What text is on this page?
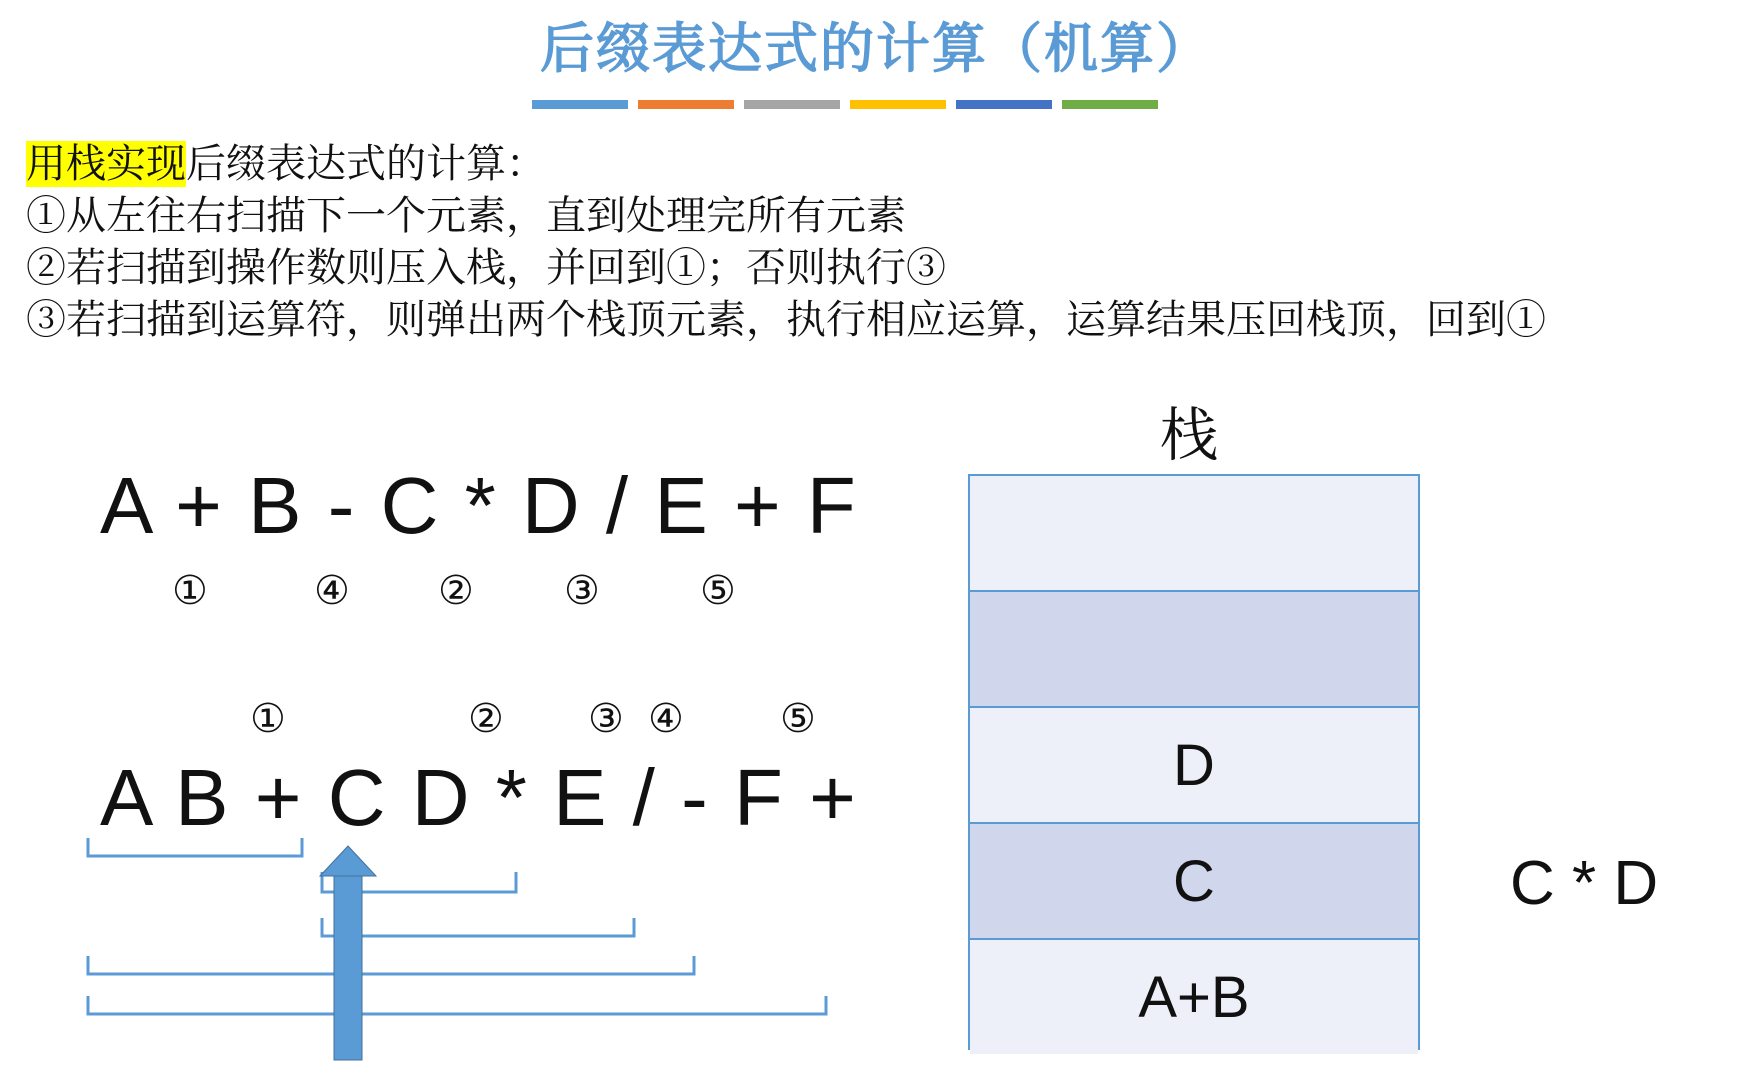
后缀表达式的计算（机算）
用栈实现后缀表达式的计算：
①从左往右扫描下一个元素，直到处理完所有元素
②若扫描到操作数则压入栈，并回到①；否则执行③
③若扫描到运算符，则弹出两个栈顶元素，执行相应运算，运算结果压回栈顶，回到①
A + B - C * D / E + F
①	④ ② ③	⑤
①	② ③ ④ ⑤
A B + C D * E / - F +
栈
D
C
A+B
C * D
